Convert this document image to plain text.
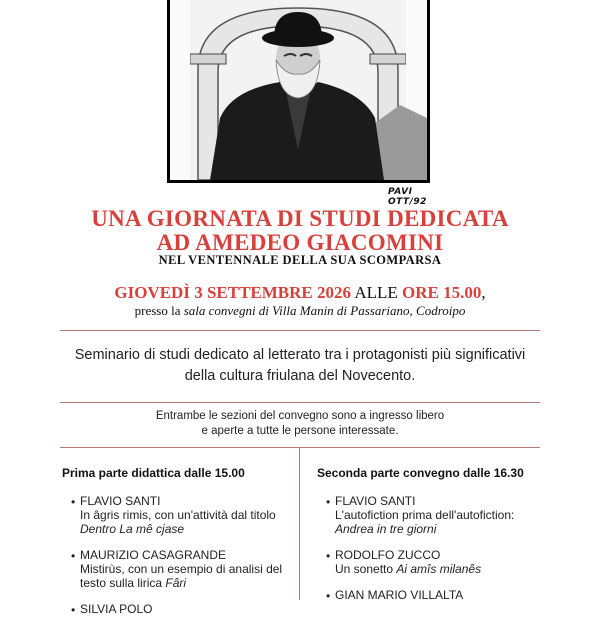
PAVI
OTT/92
UNA GIORNATA DI STUDI DEDICATA
AD AMEDEO GIACOMINI
NEL VENTENNALE DELLA SUA SCOMPARSA
GIOVEDÌ 3 SETTEMBRE 2026 ALLE ORE 15.00,
presso la sala convegni di Villa Manin di Passariano, Codroipo
Seminario di studi dedicato al letterato tra i protagonisti più significativi della cultura friulana del Novecento.
Entrambe le sezioni del convegno sono a ingresso libero
e aperte a tutte le persone interessate.
Prima parte didattica dalle 15.00
• FLAVIO SANTI
In âgris rimis, con un'attività dal titolo Dentro La mê cjase
• MAURIZIO CASAGRANDE
Mistirùs, con un esempio di analisi del testo sulla lirica Fâri
• SILVIA POLO
Seconda parte convegno dalle 16.30
• FLAVIO SANTI
L'autofiction prima dell'autofiction: Andrea in tre giorni
• RODOLFO ZUCCO
Un sonetto Ai amîs milanês
• GIAN MARIO VILLALTA
